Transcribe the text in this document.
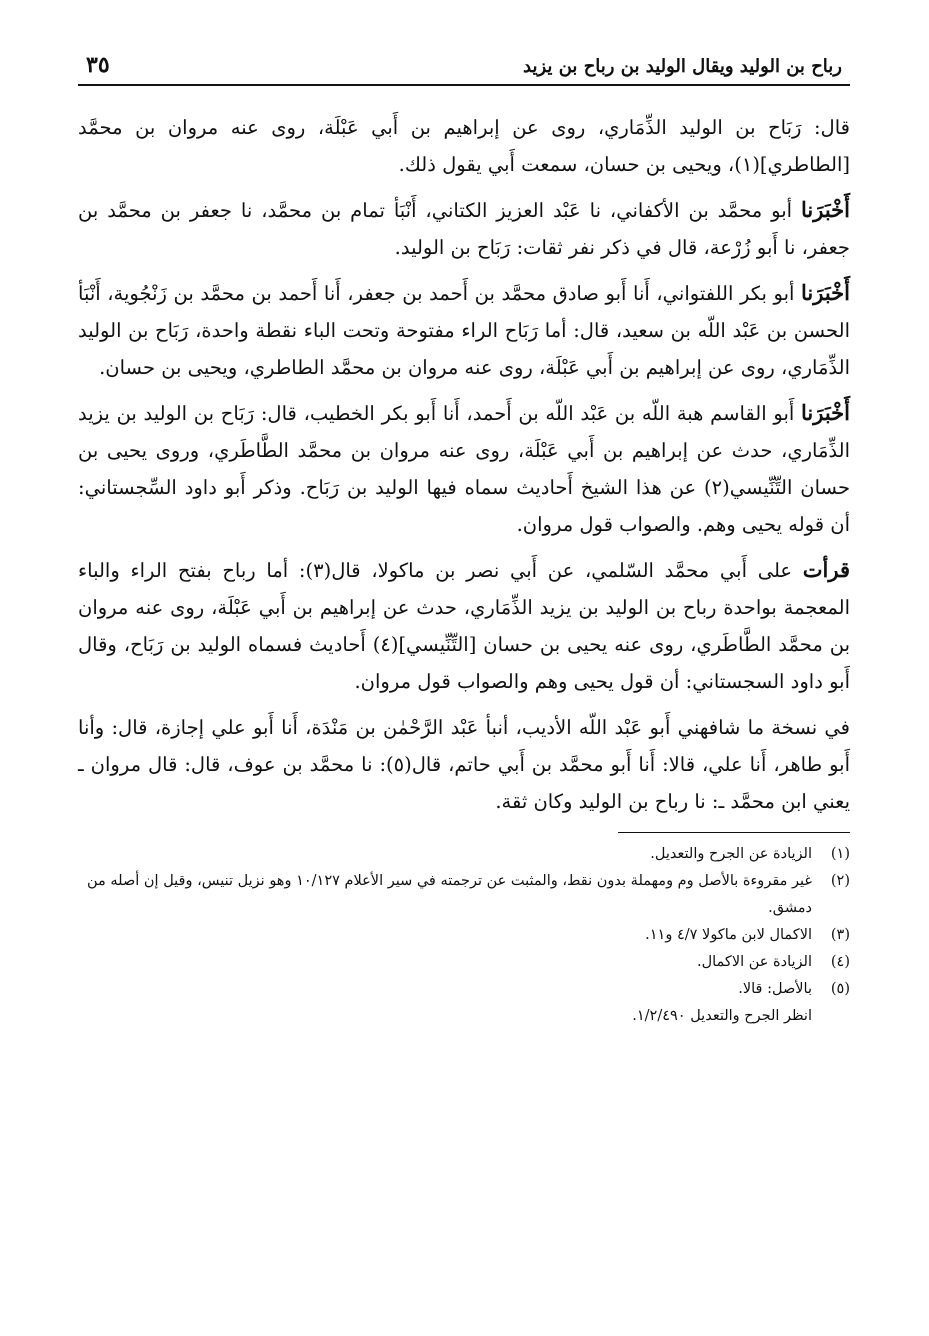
رباح بن الوليد ويقال الوليد بن رباح بن يزيد
٣٥

قال: رَبَاح بن الوليد الذِّمَاري، روى عن إبراهيم بن أَبي عَبْلَة، روى عنه مروان بن محمَّد [الطاطري](١)، ويحيى بن حسان، سمعت أَبي يقول ذلك.

أَخْبَرَنا أبو محمَّد بن الأكفاني، نا عَبْد العزيز الكتاني، أَنْبَأ تمام بن محمَّد، نا جعفر بن محمَّد بن جعفر، نا أَبو زُرْعة، قال في ذكر نفر ثقات: رَبَاح بن الوليد.

أَخْبَرَنا أبو بكر اللفتواني، أَنا أَبو صادق محمَّد بن أَحمد بن جعفر، أَنا أَحمد بن محمَّد بن زَنْجُوية، أَنْبَأ الحسن بن عَبْد اللّه بن سعيد، قال: أما رَبَاح الراء مفتوحة وتحت الباء نقطة واحدة، رَبَاح بن الوليد الذِّمَاري، روى عن إبراهيم بن أَبي عَبْلَة، روى عنه مروان بن محمَّد الطاطري، ويحيى بن حسان.

أَخْبَرَنا أَبو القاسم هبة اللّه بن عَبْد اللّه بن أَحمد، أَنا أَبو بكر الخطيب، قال: رَبَاح بن الوليد بن يزيد الذِّمَاري، حدث عن إبراهيم بن أَبي عَبْلَة، روى عنه مروان بن محمَّد الطَّاطَري، وروى يحيى بن حسان التِّنِّيسي(٢) عن هذا الشيخ أَحاديث سماه فيها الوليد بن رَبَاح. وذكر أَبو داود السِّجستاني: أن قوله يحيى وهم. والصواب قول مروان.

قرأت على أَبي محمَّد السّلمي، عن أَبي نصر بن ماكولا، قال(٣): أما رباح بفتح الراء والباء المعجمة بواحدة رباح بن الوليد بن يزيد الذِّمَاري، حدث عن إبراهيم بن أَبي عَبْلَة، روى عنه مروان بن محمَّد الطَّاطَري، روى عنه يحيى بن حسان [التِّنِّيسي](٤) أَحاديث فسماه الوليد بن رَبَاح، وقال أَبو داود السجستاني: أن قول يحيى وهم والصواب قول مروان.

في نسخة ما شافهني أَبو عَبْد اللّه الأديب، أنبأ عَبْد الرَّحْمٰن بن مَنْدَة، أَنا أَبو علي إجازة، قال: وأنا أَبو طاهر، أَنا علي، قالا: أَنا أَبو محمَّد بن أَبي حاتم، قال(٥): نا محمَّد بن عوف، قال: قال مروان ـ يعني ابن محمَّد ـ: نا رباح بن الوليد وكان ثقة.

(١)
الزيادة عن الجرح والتعديل.
(٢)
غير مقروءة بالأصل وم ومهملة بدون نقط، والمثبت عن ترجمته في سير الأعلام ١٠/١٢٧ وهو نزيل تنيس، وقيل إن أصله من دمشق.
(٣)
الاكمال لابن ماكولا ٤/٧ و١١.
(٤)
الزيادة عن الاكمال.
(٥)
بالأصل: قالا.
انظر الجرح والتعديل ١/٢/٤٩٠.
